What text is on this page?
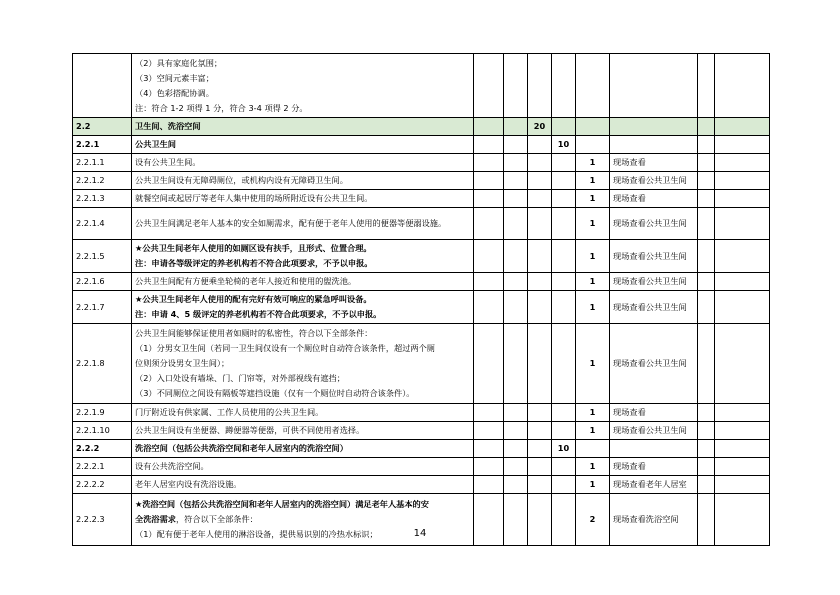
	（2）具有家庭化氛围；
（3）空间元素丰富；
（4）色彩搭配协调。
注：符合 1-2 项得 1 分，符合 3-4 项得 2 分。								

2.2	卫生间、洗浴空间			20					
2.2.1	公共卫生间				10				
2.2.1.1	设有公共卫生间。					1	现场查看		
2.2.1.2	公共卫生间设有无障碍厕位，或机构内设有无障碍卫生间。					1	现场查看公共卫生间		
2.2.1.3	就餐空间或起居厅等老年人集中使用的场所附近设有公共卫生间。					1	现场查看		
2.2.1.4	公共卫生间满足老年人基本的安全如厕需求，配有便于老年人使用的便器等便溺设施。					1	现场查看公共卫生间		
2.2.1.5	★公共卫生间老年人使用的如厕区设有扶手，且形式、位置合理。
注：申请各等级评定的养老机构若不符合此项要求，不予以申报。					1	现场查看公共卫生间		
2.2.1.6	公共卫生间配有方便乘坐轮椅的老年人接近和使用的盥洗池。					1	现场查看公共卫生间		
2.2.1.7	★公共卫生间老年人使用的配有完好有效可响应的紧急呼叫设备。
注：申请 4、5 级评定的养老机构若不符合此项要求，不予以申报。					1	现场查看公共卫生间		
2.2.1.8	公共卫生间能够保证使用者如厕时的私密性，符合以下全部条件：
（1）分男女卫生间（若同一卫生间仅设有一个厕位时自动符合该条件，超过两个厕
位则须分设男女卫生间）；
（2）入口处设有墙垛、门、门帘等，对外部视线有遮挡；
（3）不同厕位之间设有隔板等遮挡设施（仅有一个厕位时自动符合该条件）。					1	现场查看公共卫生间		
2.2.1.9	门厅附近设有供家属、工作人员使用的公共卫生间。					1	现场查看		
2.2.1.10	公共卫生间设有坐便器、蹲便器等便器，可供不同使用者选择。					1	现场查看公共卫生间		
2.2.2	洗浴空间（包括公共洗浴空间和老年人居室内的洗浴空间）				10				
2.2.2.1	设有公共洗浴空间。					1	现场查看		
2.2.2.2	老年人居室内设有洗浴设施。					1	现场查看老年人居室		
2.2.2.3	★洗浴空间（包括公共洗浴空间和老年人居室内的洗浴空间）满足老年人基本的安
全洗浴需求，符合以下全部条件：
（1）配有便于老年人使用的淋浴设备，提供易识别的冷热水标识；					2	现场查看洗浴空间		
14
